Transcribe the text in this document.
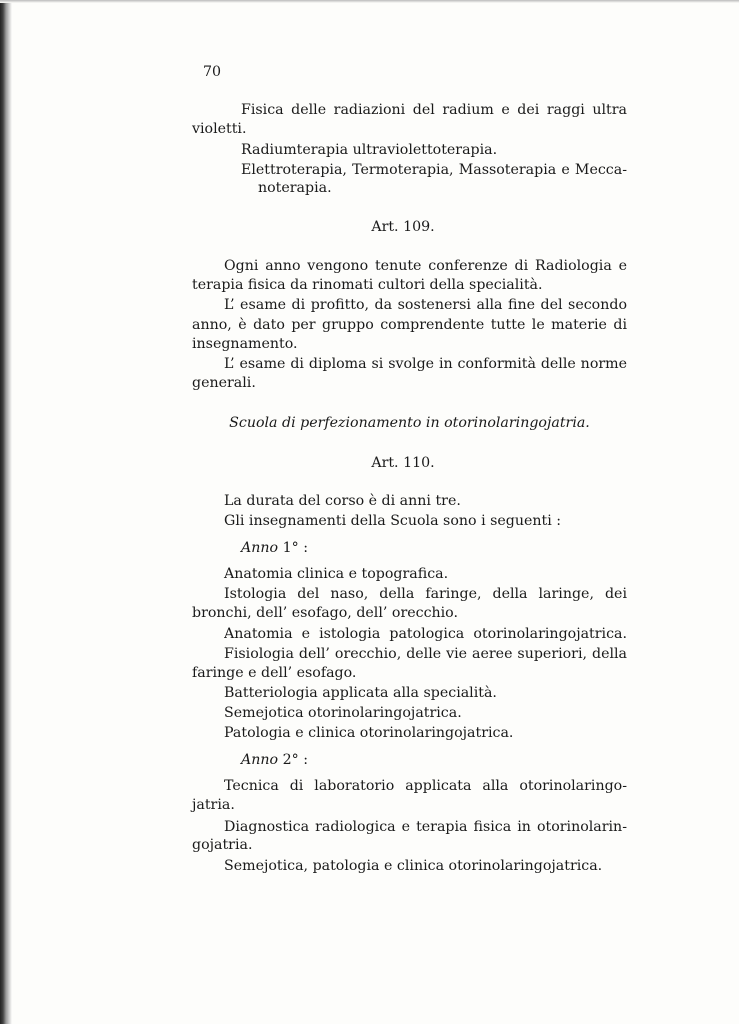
70
Fisica delle radiazioni del radium e dei raggi ultra
violetti.
Radiumterapia ultraviolettoterapia.
Elettroterapia, Termoterapia, Massoterapia e Mecca-
noterapia.
Art. 109.
Ogni anno vengono tenute conferenze di Radiologia e
terapia fisica da rinomati cultori della specialità.
L’ esame di profitto, da sostenersi alla fine del secondo
anno, è dato per gruppo comprendente tutte le materie di
insegnamento.
L’ esame di diploma si svolge in conformità delle norme
generali.
Scuola di perfezionamento in otorinolaringojatria.
Art. 110.
La durata del corso è di anni tre.
Gli insegnamenti della Scuola sono i seguenti :
Anno 1° :
Anatomia clinica e topografica.
Istologia del naso, della faringe, della laringe, dei
bronchi, dell’ esofago, dell’ orecchio.
Anatomia e istologia patologica otorinolaringojatrica.
Fisiologia dell’ orecchio, delle vie aeree superiori, della
faringe e dell’ esofago.
Batteriologia applicata alla specialità.
Semejotica otorinolaringojatrica.
Patologia e clinica otorinolaringojatrica.
Anno 2° :
Tecnica di laboratorio applicata alla otorinolaringo-
jatria.
Diagnostica radiologica e terapia fisica in otorinolarin-
gojatria.
Semejotica, patologia e clinica otorinolaringojatrica.
